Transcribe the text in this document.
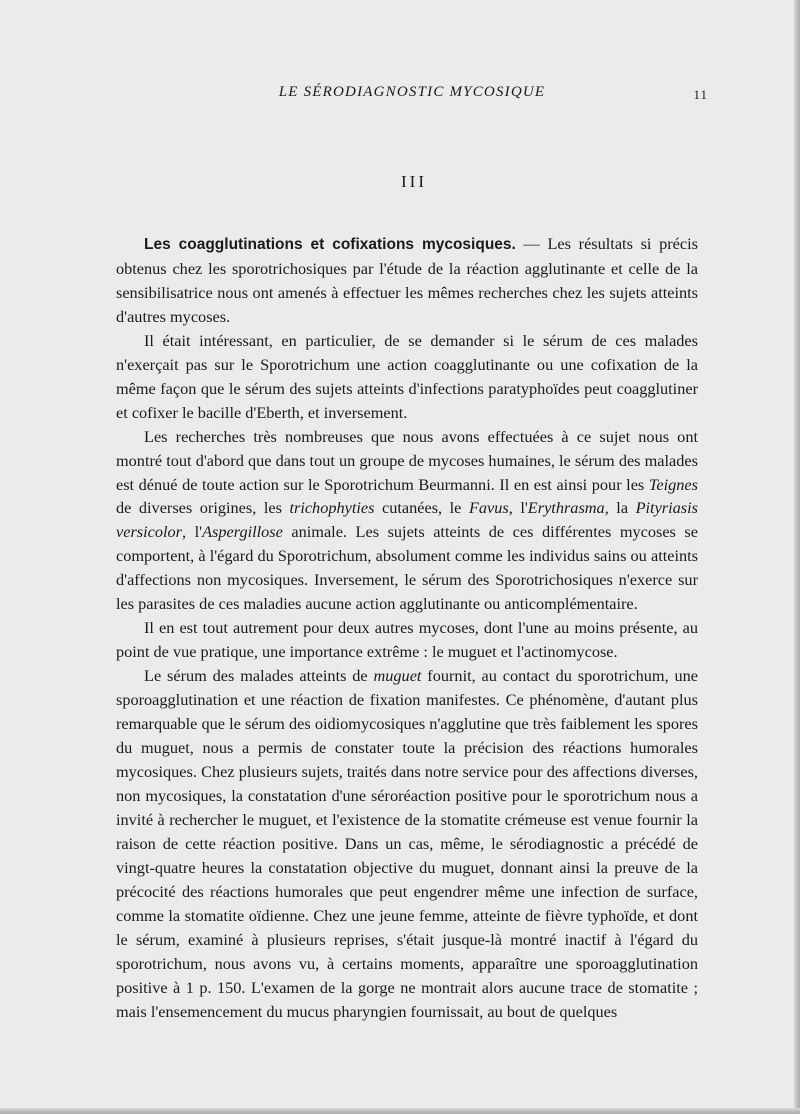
LE SÉRODIAGNOSTIC MYCOSIQUE	11
III

Les coagglutinations et cofixations mycosiques. — Les résultats si précis obtenus chez les sporotrichosiques par l'étude de la réaction agglutinante et celle de la sensibilisatrice nous ont amenés à effectuer les mêmes recherches chez les sujets atteints d'autres mycoses.

Il était intéressant, en particulier, de se demander si le sérum de ces malades n'exerçait pas sur le Sporotrichum une action coagglutinante ou une cofixation de la même façon que le sérum des sujets atteints d'infections paratyphoïdes peut coagglutiner et cofixer le bacille d'Eberth, et inversement.

Les recherches très nombreuses que nous avons effectuées à ce sujet nous ont montré tout d'abord que dans tout un groupe de mycoses humaines, le sérum des malades est dénué de toute action sur le Sporotrichum Beurmanni. Il en est ainsi pour les Teignes de diverses origines, les trichophyties cutanées, le Favus, l'Erythrasma, la Pityriasis versicolor, l'Aspergillose animale. Les sujets atteints de ces différentes mycoses se comportent, à l'égard du Sporotrichum, absolument comme les individus sains ou atteints d'affections non mycosiques. Inversement, le sérum des Sporotrichosiques n'exerce sur les parasites de ces maladies aucune action agglutinante ou anticomplémentaire.

Il en est tout autrement pour deux autres mycoses, dont l'une au moins présente, au point de vue pratique, une importance extrême : le muguet et l'actinomycose.

Le sérum des malades atteints de muguet fournit, au contact du sporotrichum, une sporoagglutination et une réaction de fixation manifestes. Ce phénomène, d'autant plus remarquable que le sérum des oidiomycosiques n'agglutine que très faiblement les spores du muguet, nous a permis de constater toute la précision des réactions humorales mycosiques. Chez plusieurs sujets, traités dans notre service pour des affections diverses, non mycosiques, la constatation d'une séroréaction positive pour le sporotrichum nous a invité à rechercher le muguet, et l'existence de la stomatite crémeuse est venue fournir la raison de cette réaction positive. Dans un cas, même, le sérodiagnostic a précédé de vingt-quatre heures la constatation objective du muguet, donnant ainsi la preuve de la précocité des réactions humorales que peut engendrer même une infection de surface, comme la stomatite oïdienne. Chez une jeune femme, atteinte de fièvre typhoïde, et dont le sérum, examiné à plusieurs reprises, s'était jusque-là montré inactif à l'égard du sporotrichum, nous avons vu, à certains moments, apparaître une sporoagglutination positive à 1 p. 150. L'examen de la gorge ne montrait alors aucune trace de stomatite ; mais l'ensemencement du mucus pharyngien fournissait, au bout de quelques
